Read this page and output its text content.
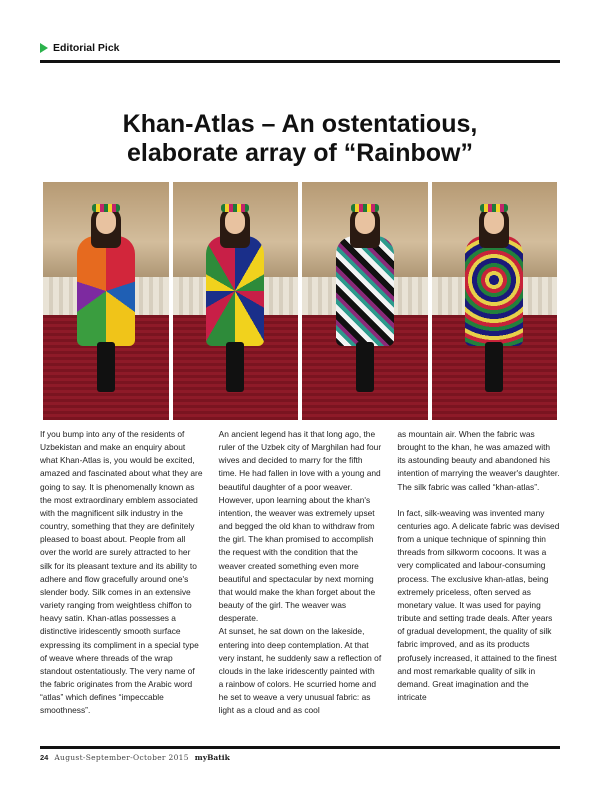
Editorial Pick
Khan-Atlas – An ostentatious,
elaborate array of “Rainbow”

If you bump into any of the residents of Uzbekistan and make an enquiry about what Khan-Atlas is, you would be excited, amazed and fascinated about what they are going to say. It is phenomenally known as the most extraordinary emblem associated with the magnificent silk industry in the country, something that they are definitely pleased to boast about. People from all over the world are surely attracted to her silk for its pleasant texture and its ability to adhere and flow gracefully around one's slender body. Silk comes in an extensive variety ranging from weightless chiffon to heavy satin. Khan-atlas possesses a distinctive iridescently smooth surface expressing its compliment in a special type of weave where threads of the wrap standout ostentatiously. The very name of the fabric originates from the Arabic word “atlas” which defines “impeccable smoothness”.

An ancient legend has it that long ago, the ruler of the Uzbek city of Marghilan had four wives and decided to marry for the fifth time. He had fallen in love with a young and beautiful daughter of a poor weaver. However, upon learning about the khan's intention, the weaver was extremely upset and begged the old khan to withdraw from the girl. The khan promised to accomplish the request with the condition that the weaver created something even more beautiful and spectacular by next morning that would make the khan forget about the beauty of the girl. The weaver was desperate.

At sunset, he sat down on the lakeside, entering into deep contemplation. At that very instant, he suddenly saw a reflection of clouds in the lake iridescently painted with a rainbow of colors. He scurried home and he set to weave a very unusual fabric: as light as a cloud and as cool

as mountain air. When the fabric was brought to the khan, he was amazed with its astounding beauty and abandoned his intention of marrying the weaver's daughter. The silk fabric was called “khan-atlas”.

In fact, silk-weaving was invented many centuries ago. A delicate fabric was devised from a unique technique of spinning thin threads from silkworm cocoons. It was a very complicated and labour-consuming process. The exclusive khan-atlas, being extremely priceless, often served as monetary value. It was used for paying tribute and setting trade deals. After years of gradual development, the quality of silk fabric improved, and as its products profusely increased, it attained to the finest and most remarkable quality of silk in demand. Great imagination and the intricate

24 August-September-October 2015 myBatik
